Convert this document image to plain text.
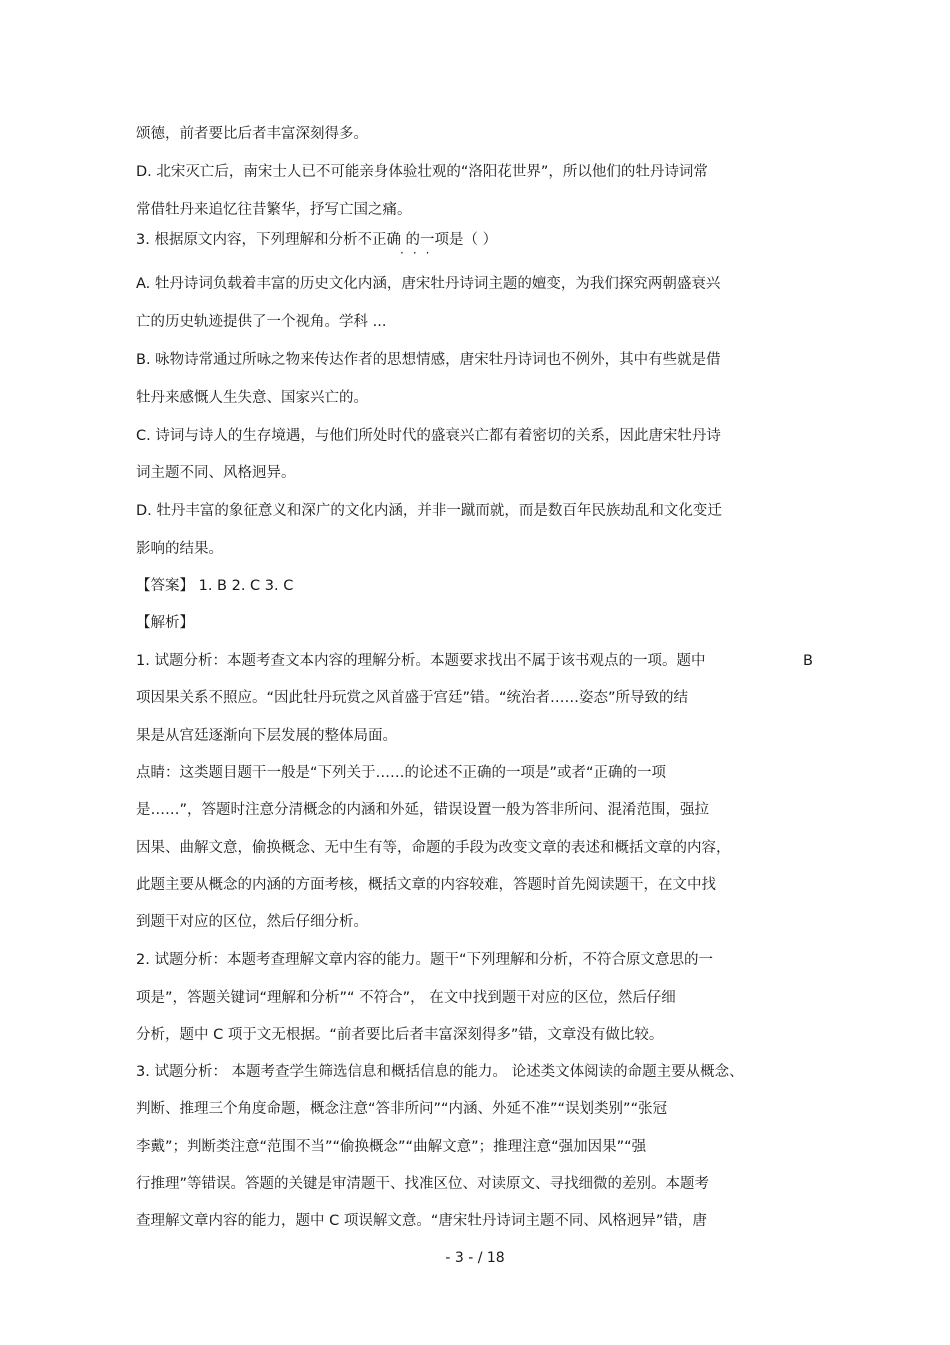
颂德，前者要比后者丰富深刻得多。
D. 北宋灭亡后，南宋士人已不可能亲身体验壮观的“洛阳花世界”，所以他们的牡丹诗词常
常借牡丹来追忆往昔繁华，抒写亡国之痛。
3. 根据原文内容，下列理解和分析不正确 的一项是（ ）
···
A. 牡丹诗词负载着丰富的历史文化内涵，唐宋牡丹诗词主题的嬗变，为我们探究两朝盛衰兴
亡的历史轨迹提供了一个视角。学科 ...
B. 咏物诗常通过所咏之物来传达作者的思想情感，唐宋牡丹诗词也不例外，其中有些就是借
牡丹来感慨人生失意、国家兴亡的。
C. 诗词与诗人的生存境遇，与他们所处时代的盛衰兴亡都有着密切的关系，因此唐宋牡丹诗
词主题不同、风格迥异。
D. 牡丹丰富的象征意义和深广的文化内涵，并非一蹴而就，而是数百年民族劫乱和文化变迁
影响的结果。
【答案】 1. B 2. C 3. C
【解析】
1. 试题分析：本题考查文本内容的理解分析。本题要求找出不属于该书观点的一项。题中	B
项因果关系不照应。“因此牡丹玩赏之风首盛于宫廷”错。“统治者……姿态”所导致的结
果是从宫廷逐渐向下层发展的整体局面。
点睛：这类题目题干一般是“下列关于……的论述不正确的一项是”或者“正确的一项
是……”，答题时注意分清概念的内涵和外延，错误设置一般为答非所问、混淆范围，强拉
因果、曲解文意，偷换概念、无中生有等，命题的手段为改变文章的表述和概括文章的内容，
此题主要从概念的内涵的方面考核，概括文章的内容较难，答题时首先阅读题干，在文中找
到题干对应的区位，然后仔细分析。
2. 试题分析：本题考查理解文章内容的能力。题干“下列理解和分析，不符合原文意思的一
项是”，答题关键词“理解和分析”“ 不符合”， 在文中找到题干对应的区位，然后仔细
分析，题中 C 项于文无根据。“前者要比后者丰富深刻得多”错，文章没有做比较。
3. 试题分析： 本题考查学生筛选信息和概括信息的能力。 论述类文体阅读的命题主要从概念、
判断、推理三个角度命题，概念注意“答非所问”“内涵、外延不准”“误划类别”“张冠
李戴”；判断类注意“范围不当”“偷换概念”“曲解文意”；推理注意“强加因果”“强
行推理”等错误。答题的关键是审清题干、找准区位、对读原文、寻找细微的差别。本题考
查理解文章内容的能力，题中 C 项误解文意。“唐宋牡丹诗词主题不同、风格迥异”错，唐
- 3 - / 18
